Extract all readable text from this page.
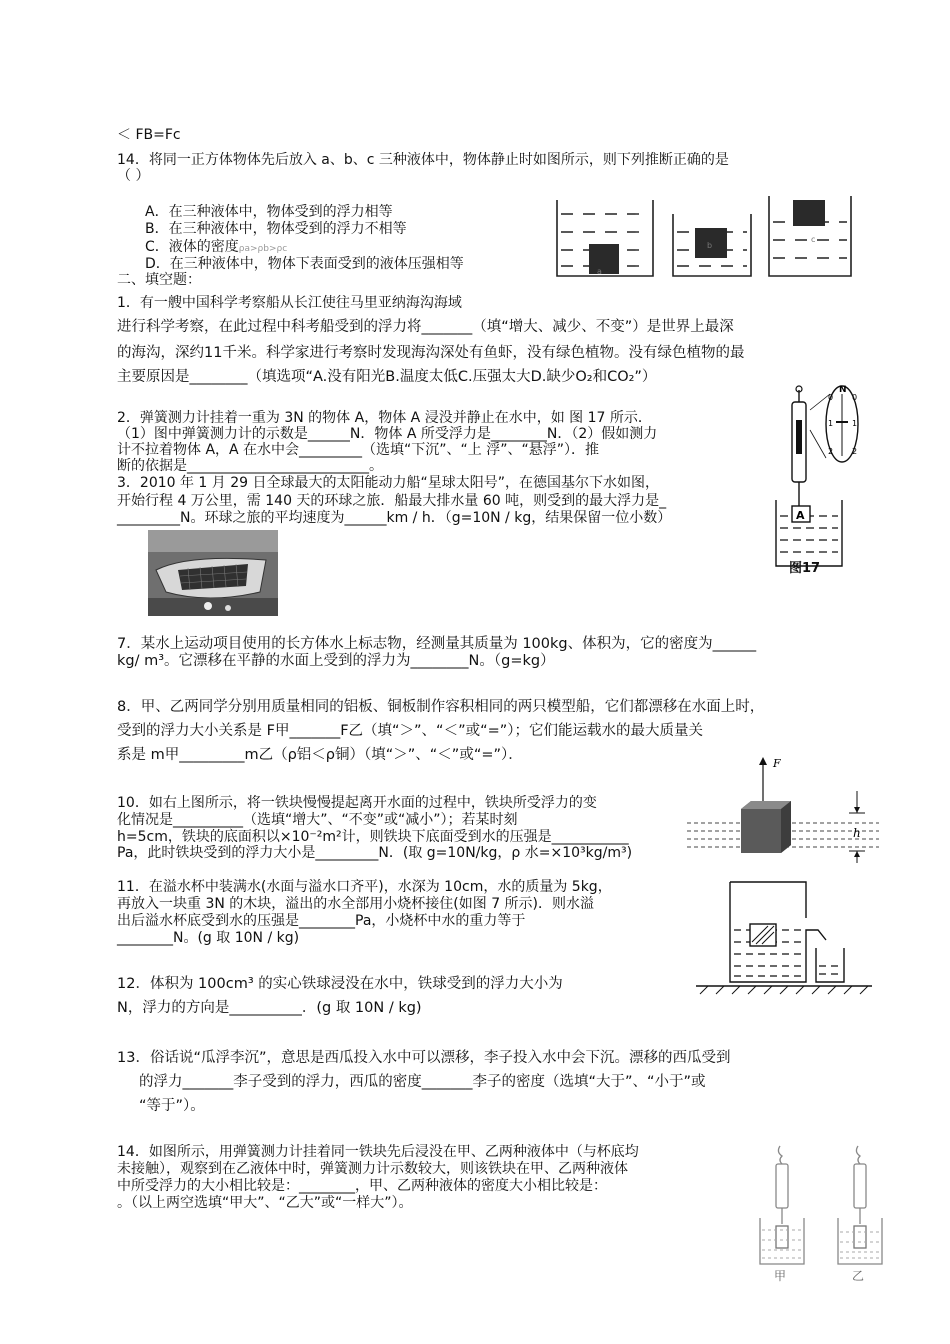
＜ FB=Fc
14．将同一正方体物体先后放入 a、b、c 三种液体中，物体静止时如图所示，则下列推断正确的是
（ ）
A．在三种液体中，物体受到的浮力相等
B．在三种液体中，物体受到的浮力不相等
C．液体的密度ρa>ρb>ρc
D．在三种液体中，物体下表面受到的液体压强相等
二、填空题：
1．有一艘中国科学考察船从长江使往马里亚纳海沟海域
进行科学考察，在此过程中科考船受到的浮力将_______（填“增大、减少、不变”）是世界上最深
的海沟，深约11千米。科学家进行考察时发现海沟深处有鱼虾，没有绿色植物。没有绿色植物的最
主要原因是________（填选项“A.没有阳光B.温度太低C.压强太大D.缺少O₂和CO₂”）
2．弹簧测力计挂着一重为 3N 的物体 A，物体 A 浸没并静止在水中，如 图 17 所示．
（1）图中弹簧测力计的示数是______N．物体 A 所受浮力是________N．（2）假如测力
计不拉着物体 A，A 在水中会_________（选填“下沉”、“上 浮”、“悬浮”）．推
断的依据是__________________________。
3．2010 年 1 月 29 日全球最大的太阳能动力船“星球太阳号”，在德国基尔下水如图，
开始行程 4 万公里，需 140 天的环球之旅．船最大排水量 60 吨，则受到的最大浮力是_
_________N。环球之旅的平均速度为______km / h．（g=10N / kg，结果保留一位小数）
7．某水上运动项目使用的长方体水上标志物，经测量其质量为 100kg、体积为，它的密度为______
kg/ m³。它漂移在平静的水面上受到的浮力为________N。（g=kg）
8．甲、乙两同学分别用质量相同的铝板、铜板制作容积相同的两只模型船，它们都漂移在水面上时，
受到的浮力大小关系是 F甲_______F乙（填“＞”、“＜”或“=”）；它们能运载水的最大质量关
系是 m甲_________m乙（ρ铝＜ρ铜）（填“＞”、“＜”或“=”）．
10．如右上图所示，将一铁块慢慢提起离开水面的过程中，铁块所受浮力的变
化情况是__________（选填“增大”、“不变”或“减小”）；若某时刻
h=5cm，铁块的底面积以×10⁻²m²计，则铁块下底面受到水的压强是___________
Pa，此时铁块受到的浮力大小是_________N．(取 g=10N/kg，ρ 水=×10³kg/m³)
11．在溢水杯中装满水(水面与溢水口齐平)，水深为 10cm，水的质量为 5kg，
再放入一块重 3N 的木块，溢出的水全部用小烧杯接住(如图 7 所示)．则水溢
出后溢水杯底受到水的压强是________Pa，小烧杯中水的重力等于
________N。(g 取 10N / kg)
12．体积为 100cm³ 的实心铁球浸没在水中，铁球受到的浮力大小为
N，浮力的方向是__________．(g 取 10N / kg)
13．俗话说“瓜浮李沉”，意思是西瓜投入水中可以漂移，李子投入水中会下沉。漂移的西瓜受到
的浮力_______李子受到的浮力，西瓜的密度_______李子的密度（选填“大于”、“小于”或
“等于”）。
14．如图所示，用弹簧测力计挂着同一铁块先后浸没在甲、乙两种液体中（与杯底均
未接触），观察到在乙液体中时，弹簧测力计示数较大，则该铁块在甲、乙两种液体
中所受浮力的大小相比较是：________，甲、乙两种液体的密度大小相比较是：
。（以上两空选填“甲大”、“乙大”或“一样大”）。
a
b
c
N
0 0
1 1
2 2
A
图17
F
h
甲	乙
